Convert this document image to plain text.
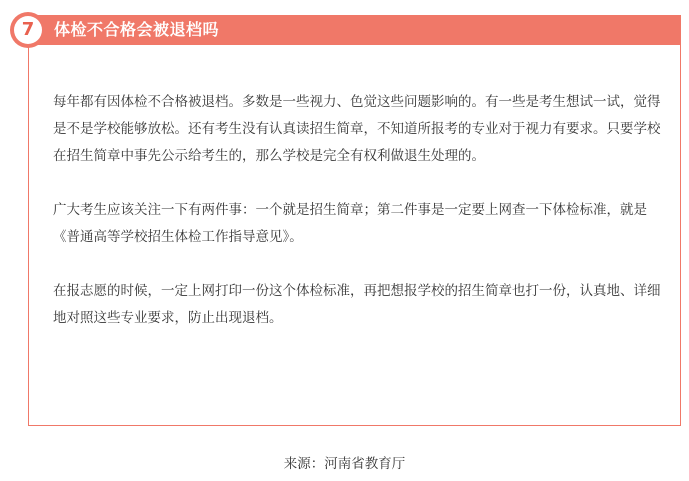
7	体检不合格会被退档吗

每年都有因体检不合格被退档。多数是一些视力、色觉这些问题影响的。有一些是考生想试一试，觉得是不是学校能够放松。还有考生没有认真读招生简章，不知道所报考的专业对于视力有要求。只要学校在招生简章中事先公示给考生的，那么学校是完全有权利做退生处理的。

广大考生应该关注一下有两件事：一个就是招生简章；第二件事是一定要上网查一下体检标准，就是《普通高等学校招生体检工作指导意见》。

在报志愿的时候，一定上网打印一份这个体检标准，再把想报学校的招生简章也打一份，认真地、详细地对照这些专业要求，防止出现退档。

来源：河南省教育厅
